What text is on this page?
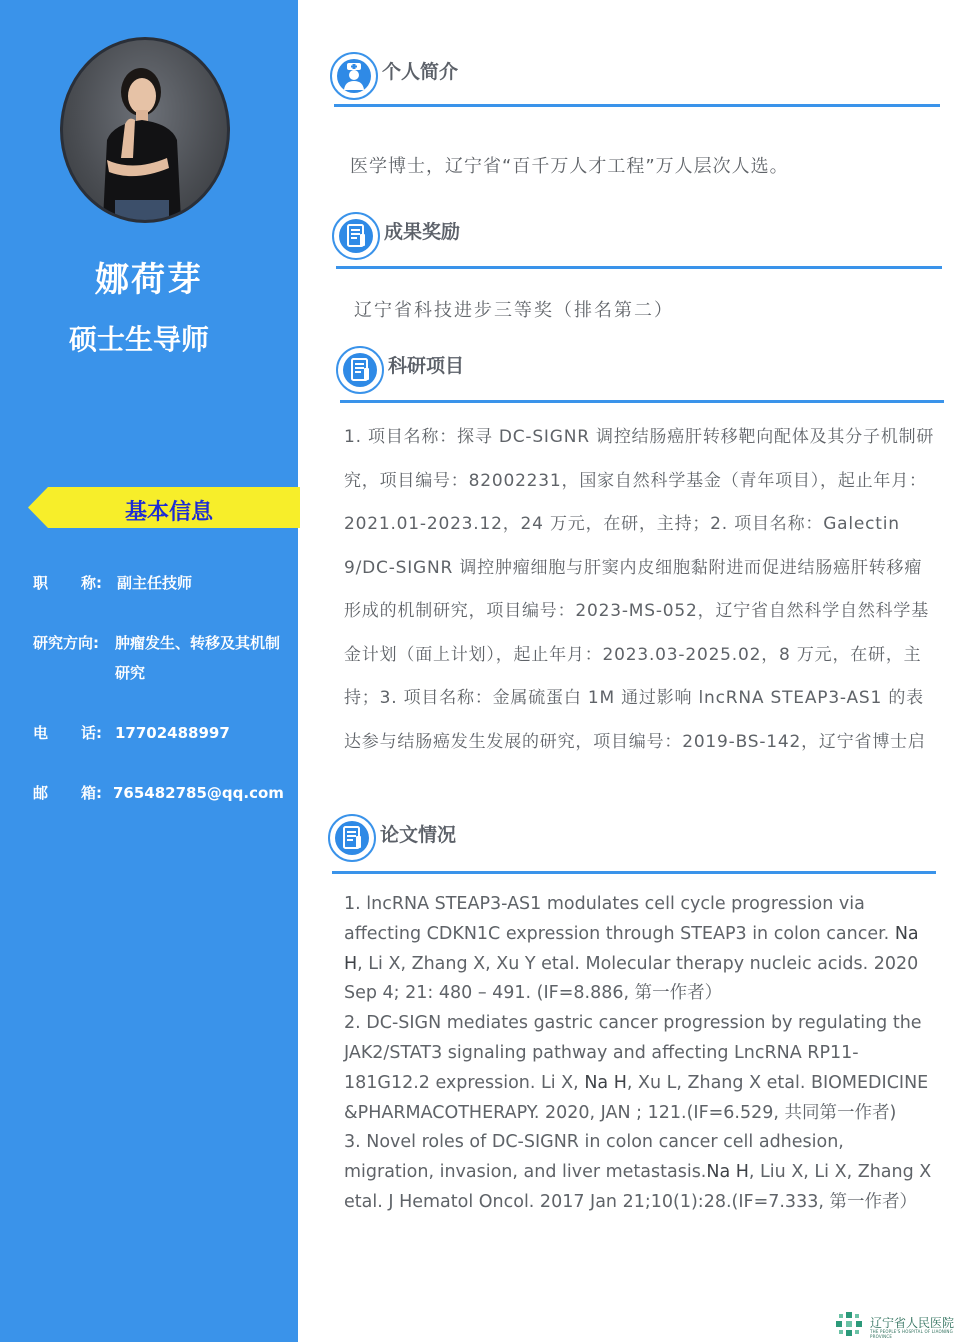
娜荷芽
硕士生导师
基本信息
职 称: 副主任技师
研究方向: 肿瘤发生、转移及其机制研究
电 话: 17702488997
邮 箱: 765482785@qq.com
个人简介
医学博士，辽宁省“百千万人才工程”万人层次人选。
成果奖励
辽宁省科技进步三等奖（排名第二）
科研项目
1. 项目名称：探寻 DC-SIGNR 调控结肠癌肝转移靶向配体及其分子机制研究，项目编号：82002231，国家自然科学基金（青年项目），起止年月：2021.01-2023.12，24 万元，在研，主持；2. 项目名称：Galectin 9/DC-SIGNR 调控肿瘤细胞与肝窦内皮细胞黏附进而促进结肠癌肝转移瘤形成的机制研究，项目编号：2023-MS-052，辽宁省自然科学自然科学基金计划（面上计划），起止年月：2023.03-2025.02，8 万元，在研，主持；3. 项目名称：金属硫蛋白 1M 通过影响 lncRNA STEAP3-AS1 的表达参与结肠癌发生发展的研究，项目编号：2019-BS-142，辽宁省博士启
论文情况
1. lncRNA STEAP3-AS1 modulates cell cycle progression via affecting CDKN1C expression through STEAP3 in colon cancer. Na H, Li X, Zhang X, Xu Y etal. Molecular therapy nucleic acids. 2020 Sep 4; 21: 480 – 491. (IF=8.886, 第一作者）
2. DC-SIGN mediates gastric cancer progression by regulating the JAK2/STAT3 signaling pathway and affecting LncRNA RP11-181G12.2 expression. Li X, Na H, Xu L, Zhang X etal. BIOMEDICINE &PHARMACOTHERAPY. 2020, JAN ; 121.(IF=6.529, 共同第一作者)
3. Novel roles of DC-SIGNR in colon cancer cell adhesion, migration, invasion, and liver metastasis.Na H, Liu X, Li X, Zhang X etal. J Hematol Oncol. 2017 Jan 21;10(1):28.(IF=7.333, 第一作者）
辽宁省人民医院
THE PEOPLE'S HOSPITAL OF LIAONING PROVINCE
